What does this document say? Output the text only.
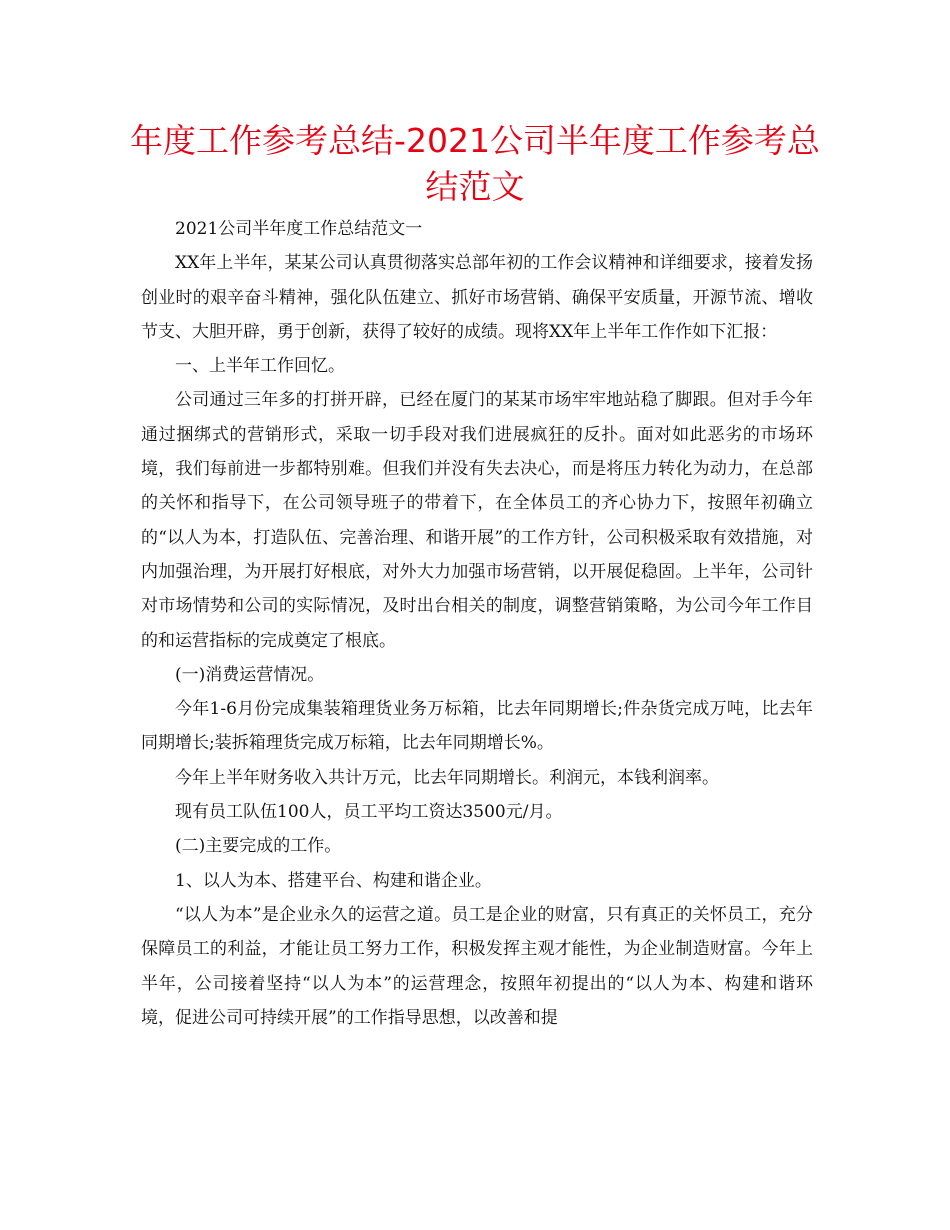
年度工作参考总结-2021公司半年度工作参考总结范文

2021公司半年度工作总结范文一

XX年上半年，某某公司认真贯彻落实总部年初的工作会议精神和详细要求，接着发扬创业时的艰辛奋斗精神，强化队伍建立、抓好市场营销、确保平安质量，开源节流、增收节支、大胆开辟，勇于创新，获得了较好的成绩。现将XX年上半年工作作如下汇报：

一、上半年工作回忆。

公司通过三年多的打拼开辟，已经在厦门的某某市场牢牢地站稳了脚跟。但对手今年通过捆绑式的营销形式，采取一切手段对我们进展疯狂的反扑。面对如此恶劣的市场环境，我们每前进一步都特别难。但我们并没有失去决心，而是将压力转化为动力，在总部的关怀和指导下，在公司领导班子的带着下，在全体员工的齐心协力下，按照年初确立的“以人为本，打造队伍、完善治理、和谐开展”的工作方针，公司积极采取有效措施，对内加强治理，为开展打好根底，对外大力加强市场营销，以开展促稳固。上半年，公司针对市场情势和公司的实际情况，及时出台相关的制度，调整营销策略，为公司今年工作目的和运营指标的完成奠定了根底。

(一)消费运营情况。

今年1-6月份完成集装箱理货业务万标箱，比去年同期增长;件杂货完成万吨，比去年同期增长;装拆箱理货完成万标箱，比去年同期增长%。

今年上半年财务收入共计万元，比去年同期增长。利润元，本钱利润率。

现有员工队伍100人，员工平均工资达3500元/月。

(二)主要完成的工作。

1、以人为本、搭建平台、构建和谐企业。

“以人为本”是企业永久的运营之道。员工是企业的财富，只有真正的关怀员工，充分保障员工的利益，才能让员工努力工作，积极发挥主观才能性，为企业制造财富。今年上半年，公司接着坚持“以人为本”的运营理念，按照年初提出的“以人为本、构建和谐环境，促进公司可持续开展”的工作指导思想，以改善和提
